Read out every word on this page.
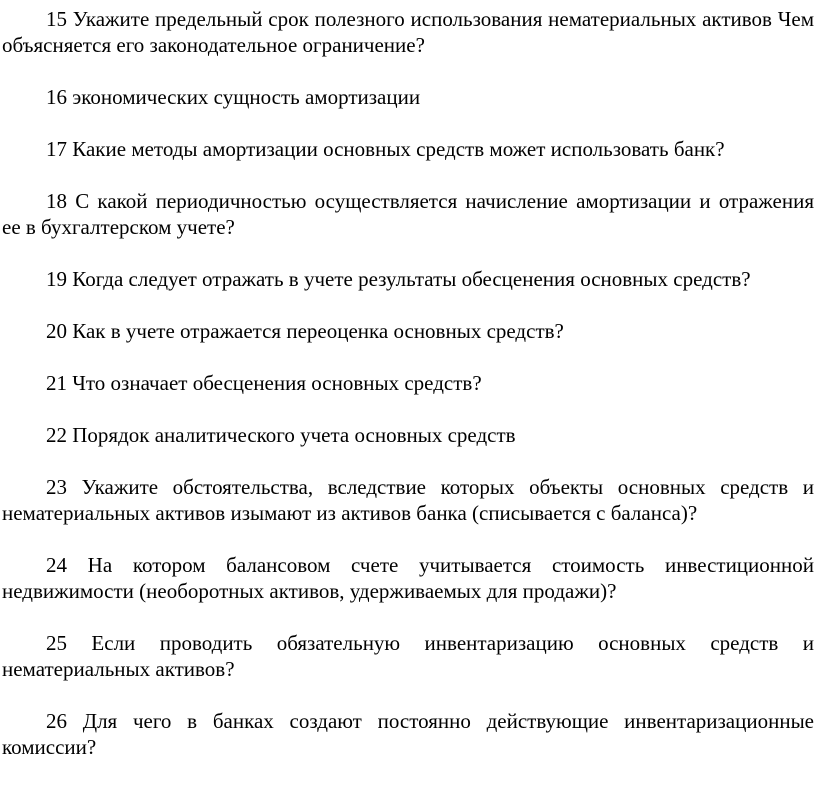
15 Укажите предельный срок полезного использования нематериальных активов Чем объясняется его законодательное ограничение?

16 экономических сущность амортизации

17 Какие методы амортизации основных средств может использовать банк?

18 С какой периодичностью осуществляется начисление амортизации и отражения ее в бухгалтерском учете?

19 Когда следует отражать в учете результаты обесценения основных средств?

20 Как в учете отражается переоценка основных средств?

21 Что означает обесценения основных средств?

22 Порядок аналитического учета основных средств

23 Укажите обстоятельства, вследствие которых объекты основных средств и нематериальных активов изымают из активов банка (списывается с баланса)?

24 На котором балансовом счете учитывается стоимость инвестиционной недвижимости (необоротных активов, удерживаемых для продажи)?

25 Если проводить обязательную инвентаризацию основных средств и нематериальных активов?

26 Для чего в банках создают постоянно действующие инвентаризационные комиссии?
